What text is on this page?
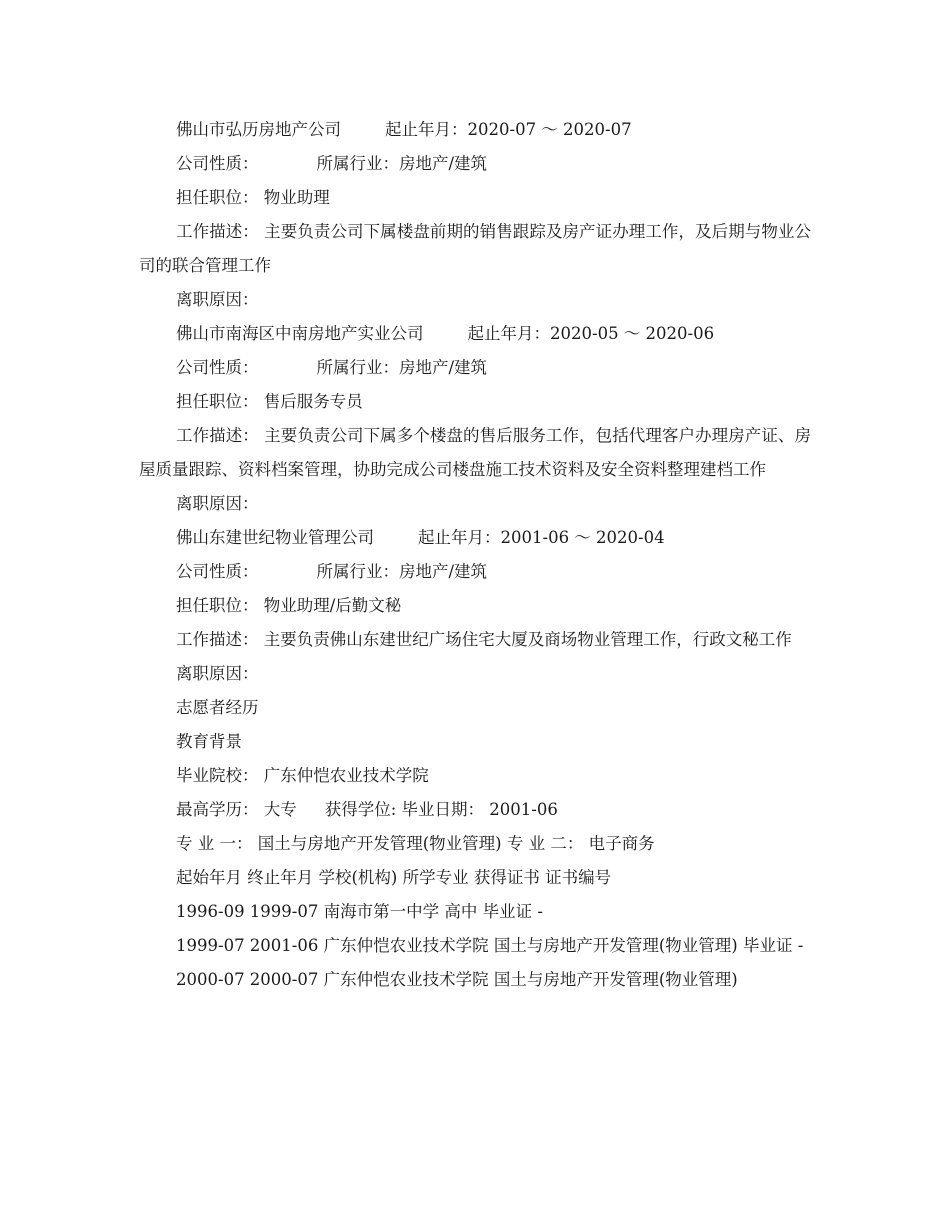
佛山市弘历房地产公司	起止年月：2020-07 ～ 2020-07
公司性质：	所属行业：房地产/建筑
担任职位： 物业助理
工作描述： 主要负责公司下属楼盘前期的销售跟踪及房产证办理工作，及后期与物业公司的联合管理工作
离职原因：
佛山市南海区中南房地产实业公司	起止年月：2020-05 ～ 2020-06
公司性质：	所属行业：房地产/建筑
担任职位： 售后服务专员
工作描述： 主要负责公司下属多个楼盘的售后服务工作，包括代理客户办理房产证、房屋质量跟踪、资料档案管理，协助完成公司楼盘施工技术资料及安全资料整理建档工作
离职原因：
佛山东建世纪物业管理公司	起止年月：2001-06 ～ 2020-04
公司性质：	所属行业：房地产/建筑
担任职位： 物业助理/后勤文秘
工作描述： 主要负责佛山东建世纪广场住宅大厦及商场物业管理工作，行政文秘工作
离职原因：
志愿者经历
教育背景
毕业院校： 广东仲恺农业技术学院
最高学历： 大专 获得学位: 毕业日期： 2001-06
专 业 一： 国土与房地产开发管理(物业管理) 专 业 二： 电子商务
起始年月 终止年月 学校(机构) 所学专业 获得证书 证书编号
1996-09 1999-07 南海市第一中学 高中 毕业证 -
1999-07 2001-06 广东仲恺农业技术学院 国土与房地产开发管理(物业管理) 毕业证 -
2000-07 2000-07 广东仲恺农业技术学院 国土与房地产开发管理(物业管理)
